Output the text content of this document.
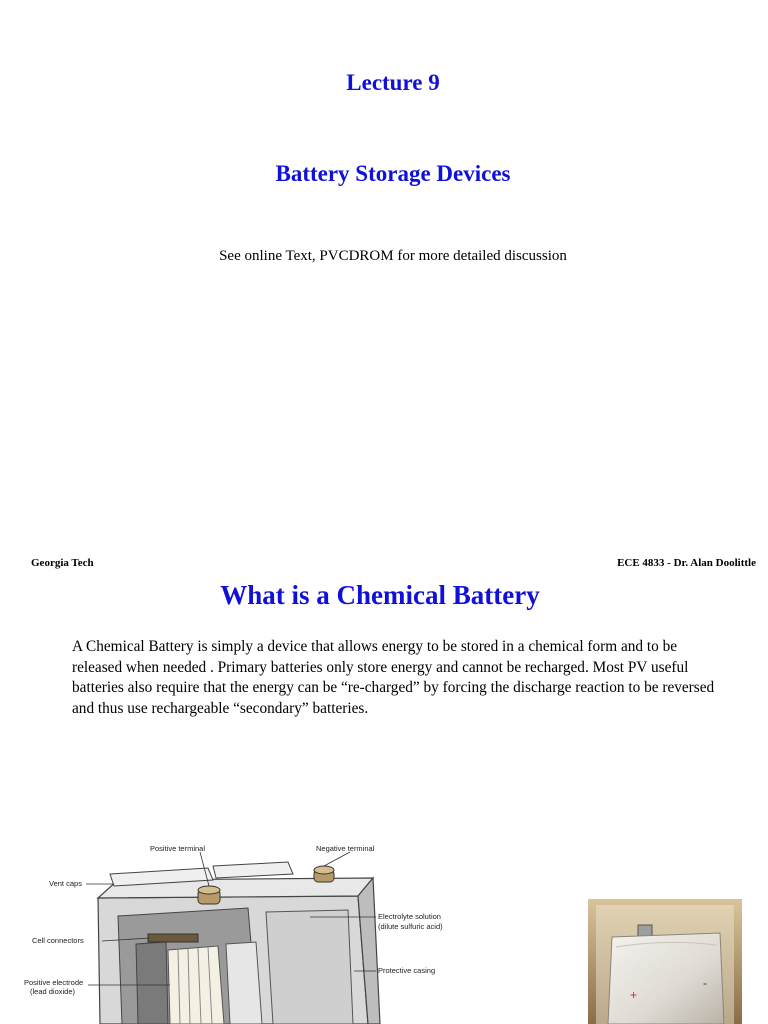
Lecture 9
Battery Storage Devices
See online Text, PVCDROM for more detailed discussion
Georgia Tech	ECE 4833 - Dr. Alan Doolittle
What is a Chemical Battery
A Chemical Battery is simply a device that allows energy to be stored in a chemical form and to be released when needed . Primary batteries only store energy and cannot be recharged. Most PV useful batteries also require that the energy can be “re-charged” by forcing the discharge reaction to be reversed and thus use rechargeable “secondary” batteries.
Positive terminal	Negative terminal
Vent caps
Electrolyte solution
(dilute sulfuric acid)
Cell connectors
Protective casing
Positive electrode
(lead dioxide)	+
-
